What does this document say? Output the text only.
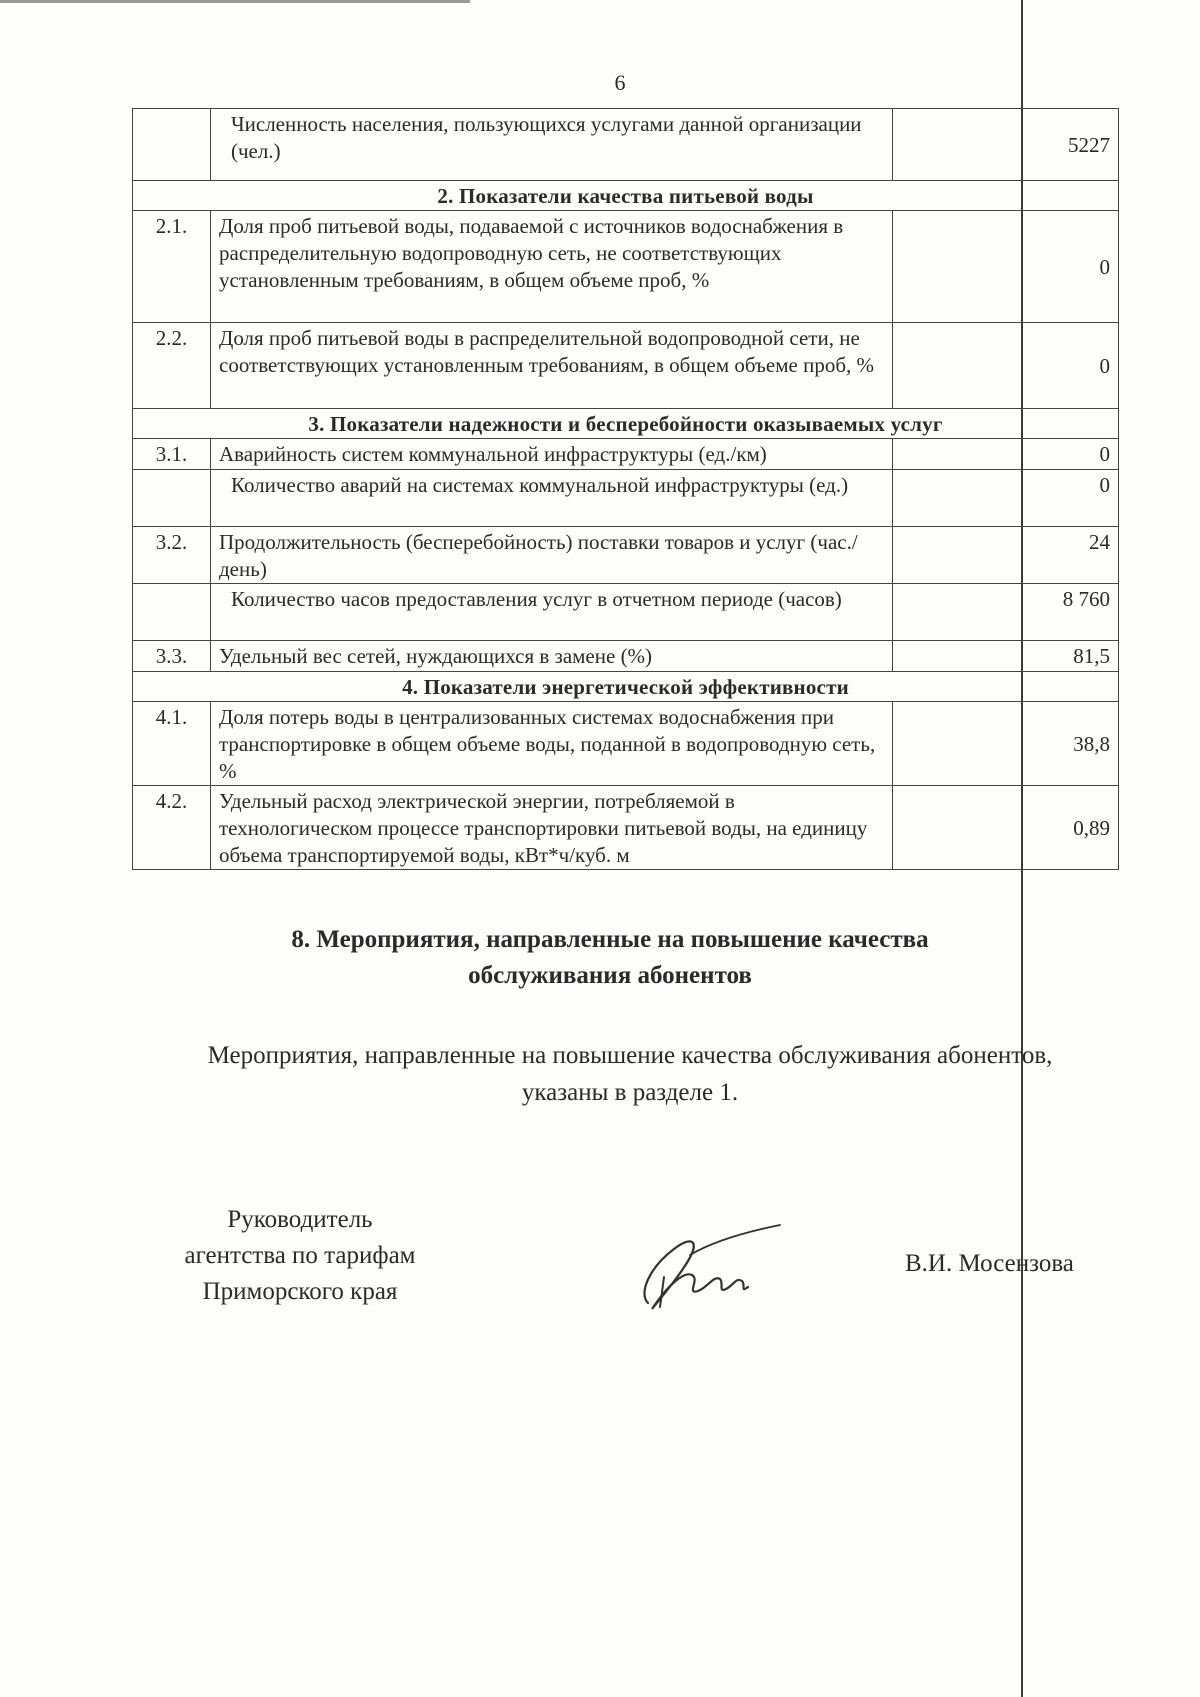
6
	Численность населения, пользующихся услугами данной организации (чел.)	5227
2. Показатели качества питьевой воды		
2.1.	Доля проб питьевой воды, подаваемой с источников водоснабжения в распределительную водопроводную сеть, не соответствующих установленным требованиям, в общем объеме проб, %	0
2.2.	Доля проб питьевой воды в распределительной водопроводной сети, не соответствующих установленным требованиям, в общем объеме проб, %	0
3. Показатели надежности и бесперебойности оказываемых услуг		
3.1.	Аварийность систем коммунальной инфраструктуры (ед./км)	0
	Количество аварий на системах коммунальной инфраструктуры (ед.)	0
3.2.	Продолжительность (бесперебойность) поставки товаров и услуг (час./день)	24
	Количество часов предоставления услуг в отчетном периоде (часов)	8 760
3.3.	Удельный вес сетей, нуждающихся в замене (%)	81,5
4. Показатели энергетической эффективности		
4.1.	Доля потерь воды в централизованных системах водоснабжения при транспортировке в общем объеме воды, поданной в водопроводную сеть, %	38,8
4.2.	Удельный расход электрической энергии, потребляемой в технологическом процессе транспортировки питьевой воды, на единицу объема транспортируемой воды, кВт*ч/куб. м	0,89
8. Мероприятия, направленные на повышение качества
обслуживания абонентов

Мероприятия, направленные на повышение качества обслуживания абонентов,
указаны в разделе 1.

Руководитель
агентства по тарифам
Приморского края
В.И. Мосензова
